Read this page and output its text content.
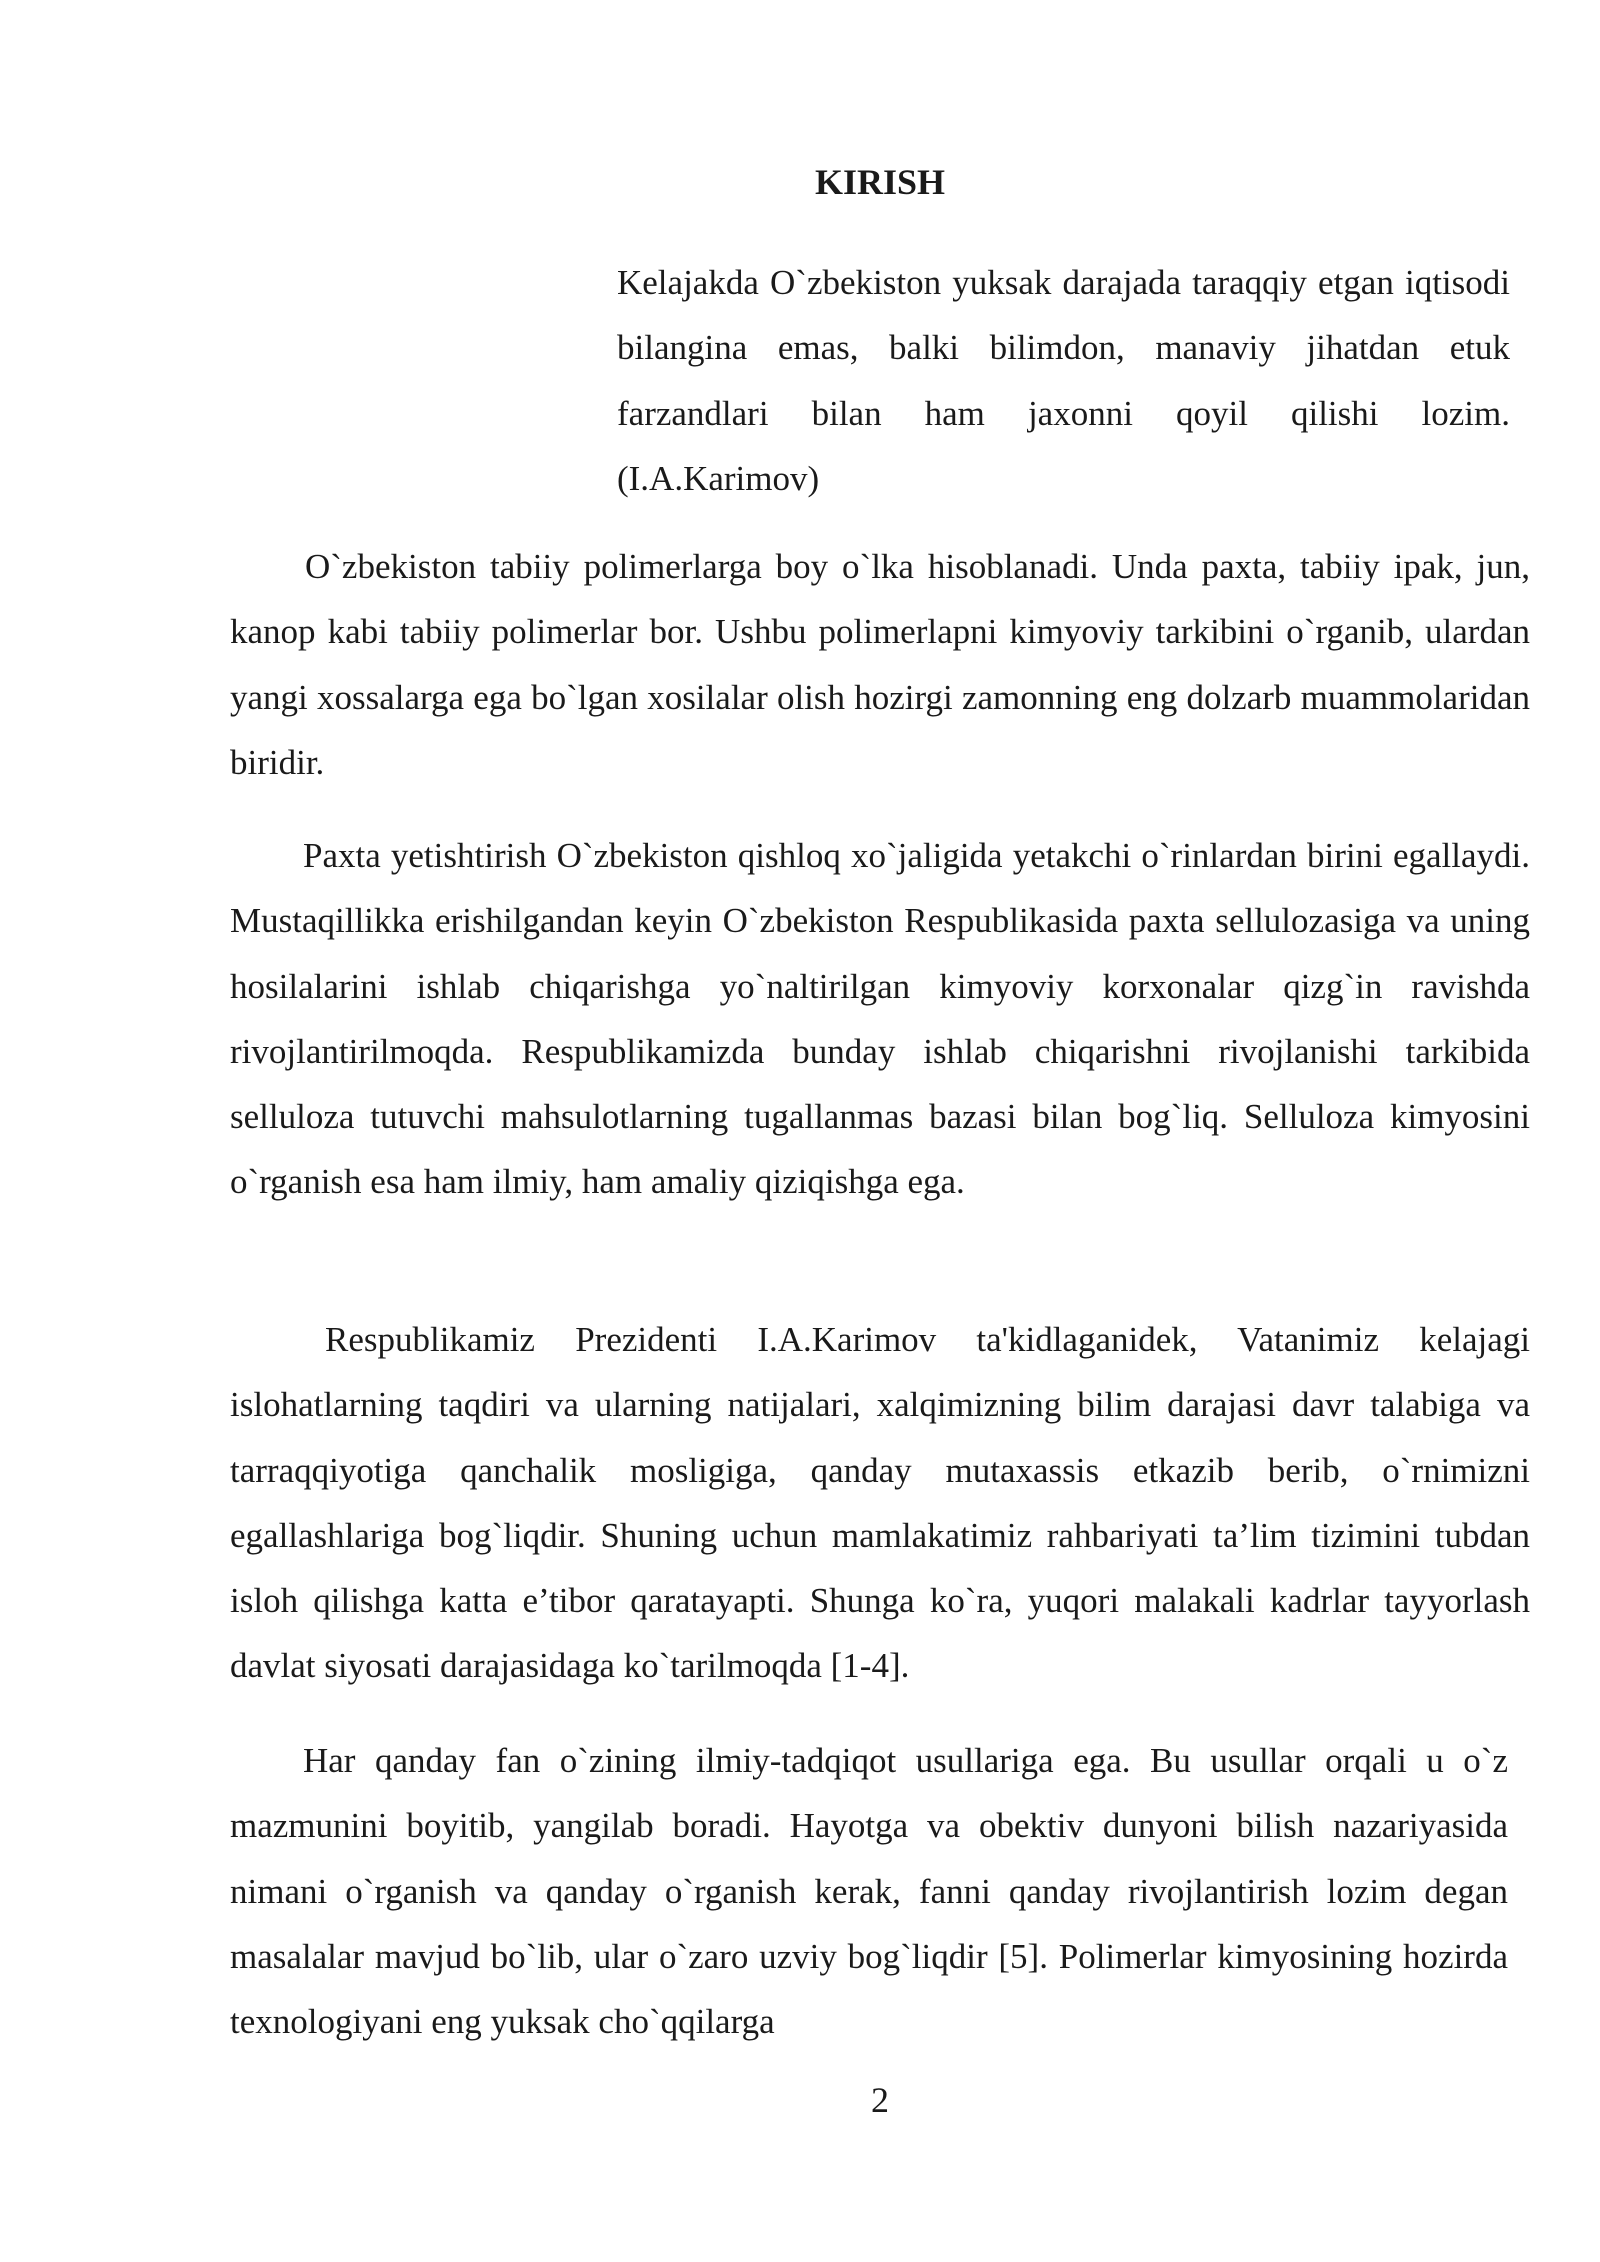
KIRISH

Kelajakda O`zbekiston yuksak darajada taraqqiy etgan iqtisodi bilangina emas, balki bilimdon, manaviy jihatdan etuk farzandlari bilan ham jaxonni qoyil qilishi lozim. (I.A.Karimov)

O`zbekiston tabiiy polimerlarga boy o`lka hisoblanadi. Unda paxta, tabiiy ipak, jun, kanop kabi tabiiy polimerlar bor. Ushbu polimerlapni kimyoviy tarkibini o`rganib, ulardan yangi xossalarga ega bo`lgan xosilalar olish hozirgi zamonning eng dolzarb muammolaridan biridir.

Paxta yetishtirish O`zbekiston qishloq xo`jaligida yetakchi o`rinlardan birini egallaydi. Mustaqillikka erishilgandan keyin O`zbekiston Respublikasida paxta sellulozasiga va uning hosilalarini ishlab chiqarishga yo`naltirilgan kimyoviy korxonalar qizg`in ravishda rivojlantirilmoqda. Respublikamizda bunday ishlab chiqarishni rivojlanishi tarkibida selluloza tutuvchi mahsulotlarning tugallanmas bazasi bilan bog`liq. Selluloza kimyosini o`rganish esa ham ilmiy, ham amaliy qiziqishga ega.

Respublikamiz Prezidenti I.A.Karimov ta'kidlaganidek, Vatanimiz kelajagi islohatlarning taqdiri va ularning natijalari, xalqimizning bilim darajasi davr talabiga va tarraqqiyotiga qanchalik mosligiga, qanday mutaxassis etkazib berib, o`rnimizni egallashlariga bog`liqdir. Shuning uchun mamlakatimiz rahbariyati ta’lim tizimini tubdan isloh qilishga katta e’tibor qaratayapti. Shunga ko`ra, yuqori malakali kadrlar tayyorlash davlat siyosati darajasidaga ko`tarilmoqda [1-4].

Har qanday fan o`zining ilmiy-tadqiqot usullariga ega. Bu usullar orqali u o`z mazmunini boyitib, yangilab boradi. Hayotga va obektiv dunyoni bilish nazariyasida nimani o`rganish va qanday o`rganish kerak, fanni qanday rivojlantirish lozim degan masalalar mavjud bo`lib, ular o`zaro uzviy bog`liqdir [5]. Polimerlar kimyosining hozirda texnologiyani eng yuksak cho`qqilarga

2
